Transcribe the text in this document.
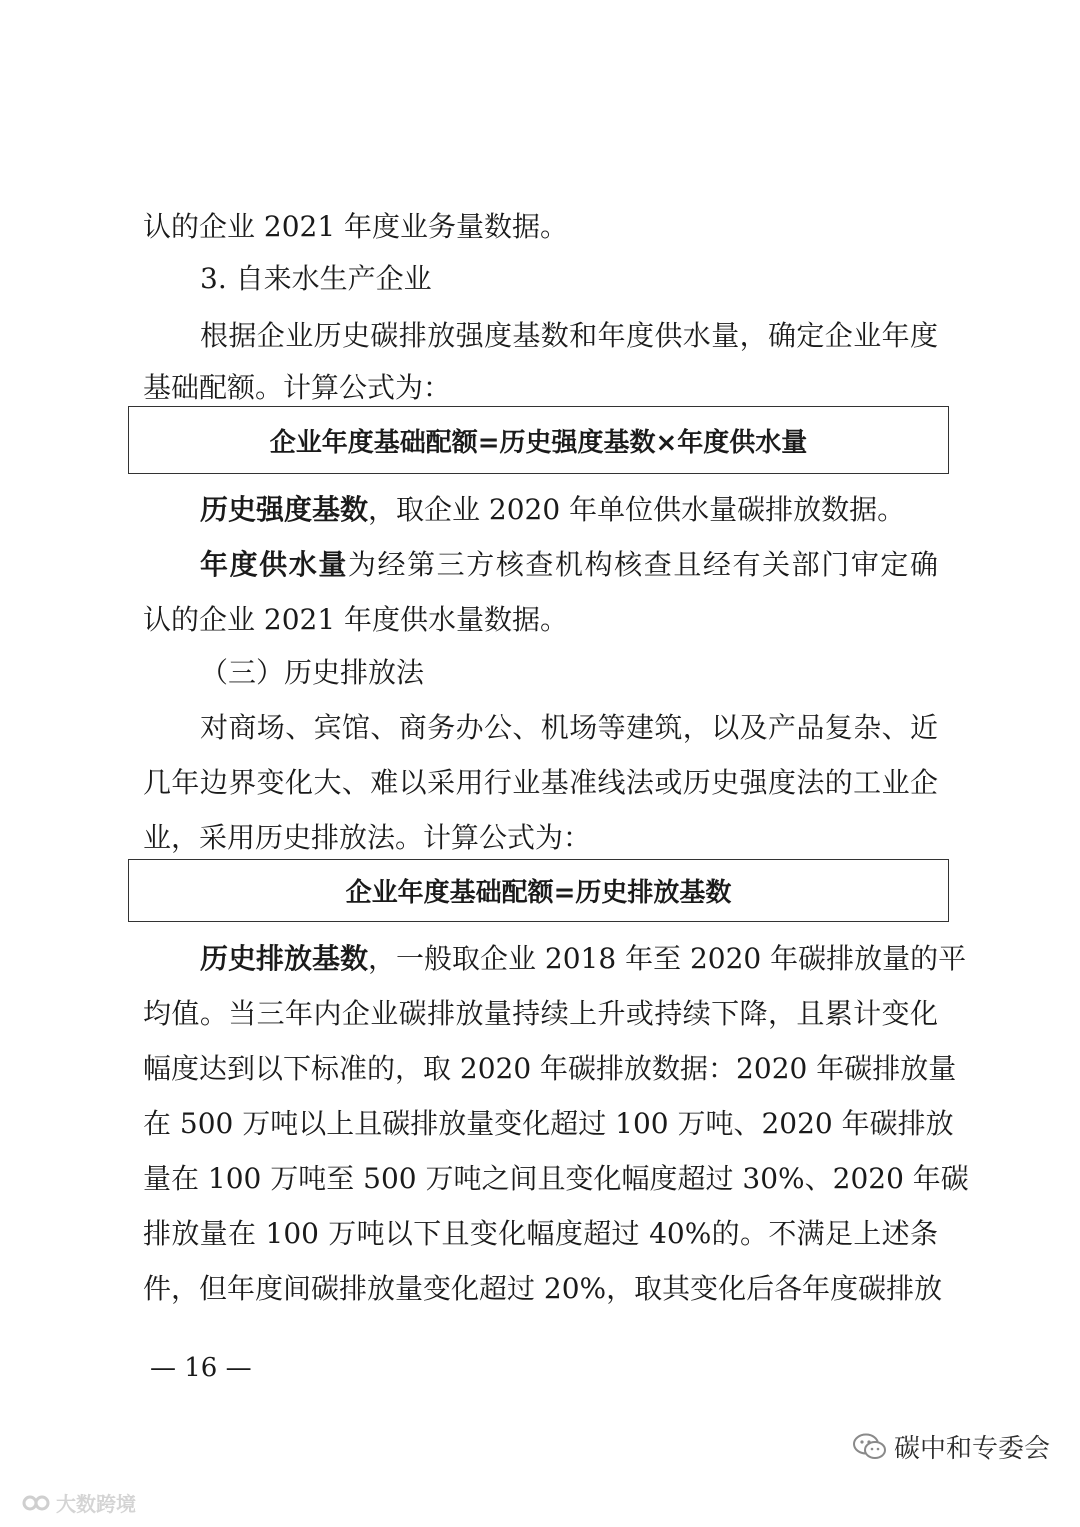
认的企业 2021 年度业务量数据。
3. 自来水生产企业
根据企业历史碳排放强度基数和年度供水量，确定企业年度
基础配额。计算公式为：
历史强度基数，取企业 2020 年单位供水量碳排放数据。
年度供水量为经第三方核查机构核查且经有关部门审定确
认的企业 2021 年度供水量数据。
（三）历史排放法
对商场、宾馆、商务办公、机场等建筑，以及产品复杂、近
几年边界变化大、难以采用行业基准线法或历史强度法的工业企
业，采用历史排放法。计算公式为：
历史排放基数，一般取企业 2018 年至 2020 年碳排放量的平
均值。当三年内企业碳排放量持续上升或持续下降，且累计变化
幅度达到以下标准的，取 2020 年碳排放数据：2020 年碳排放量
在 500 万吨以上且碳排放量变化超过 100 万吨、2020 年碳排放
量在 100 万吨至 500 万吨之间且变化幅度超过 30%、2020 年碳
排放量在 100 万吨以下且变化幅度超过 40%的。不满足上述条
件，但年度间碳排放量变化超过 20%，取其变化后各年度碳排放
企业年度基础配额=历史强度基数×年度供水量
企业年度基础配额=历史排放基数
— 16 —
大数跨境
碳中和专委会
